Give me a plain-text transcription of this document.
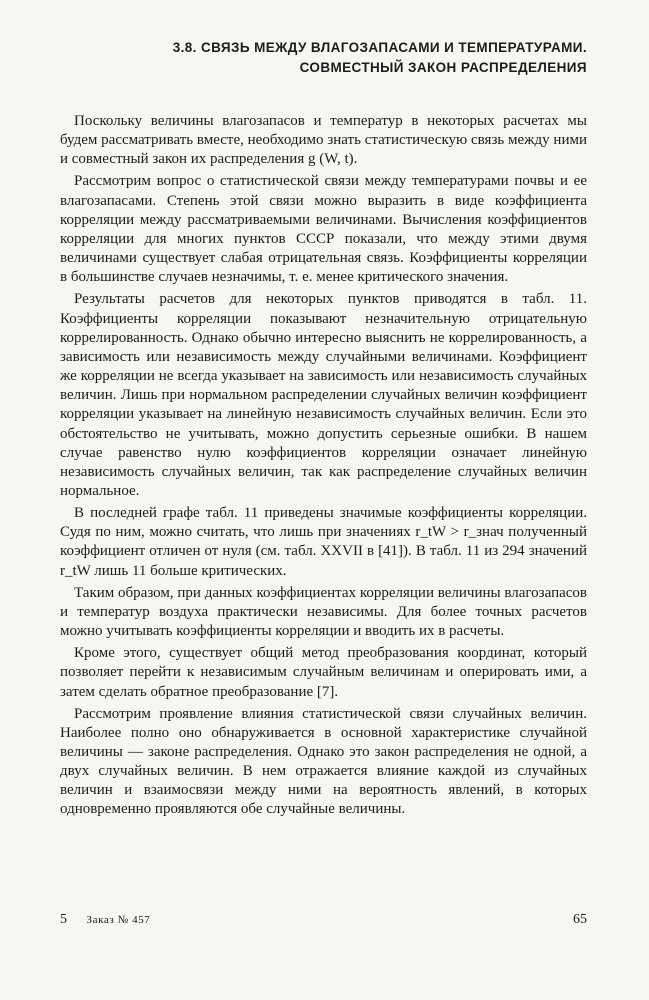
3.8. СВЯЗЬ МЕЖДУ ВЛАГОЗАПАСАМИ И ТЕМПЕРАТУРАМИ.
СОВМЕСТНЫЙ ЗАКОН РАСПРЕДЕЛЕНИЯ

Поскольку величины влагозапасов и температур в некоторых расчетах мы будем рассматривать вместе, необходимо знать статистическую связь между ними и совместный закон их распределения g (W, t).

Рассмотрим вопрос о статистической связи между температурами почвы и ее влагозапасами. Степень этой связи можно выразить в виде коэффициента корреляции между рассматриваемыми величинами. Вычисления коэффициентов корреляции для многих пунктов СССР показали, что между этими двумя величинами существует слабая отрицательная связь. Коэффициенты корреляции в большинстве случаев незначимы, т. е. менее критического значения.

Результаты расчетов для некоторых пунктов приводятся в табл. 11. Коэффициенты корреляции показывают незначительную отрицательную коррелированность. Однако обычно интересно выяснить не коррелированность, а зависимость или независимость между случайными величинами. Коэффициент же корреляции не всегда указывает на зависимость или независимость случайных величин. Лишь при нормальном распределении случайных величин коэффициент корреляции указывает на линейную независимость случайных величин. Если это обстоятельство не учитывать, можно допустить серьезные ошибки. В нашем случае равенство нулю коэффициентов корреляции означает линейную независимость случайных величин, так как распределение случайных величин нормальное.

В последней графе табл. 11 приведены значимые коэффициенты корреляции. Судя по ним, можно считать, что лишь при значениях r_tW > r_знач полученный коэффициент отличен от нуля (см. табл. XXVII в [41]). В табл. 11 из 294 значений r_tW лишь 11 больше критических.

Таким образом, при данных коэффициентах корреляции величины влагозапасов и температур воздуха практически независимы. Для более точных расчетов можно учитывать коэффициенты корреляции и вводить их в расчеты.

Кроме этого, существует общий метод преобразования координат, который позволяет перейти к независимым случайным величинам и оперировать ими, а затем сделать обратное преобразование [7].

Рассмотрим проявление влияния статистической связи случайных величин. Наиболее полно оно обнаруживается в основной характеристике случайной величины — законе распределения. Однако это закон распределения не одной, а двух случайных величин. В нем отражается влияние каждой из случайных величин и взаимосвязи между ними на вероятность явлений, в которых одновременно проявляются обе случайные величины.

5 Заказ № 457	65
